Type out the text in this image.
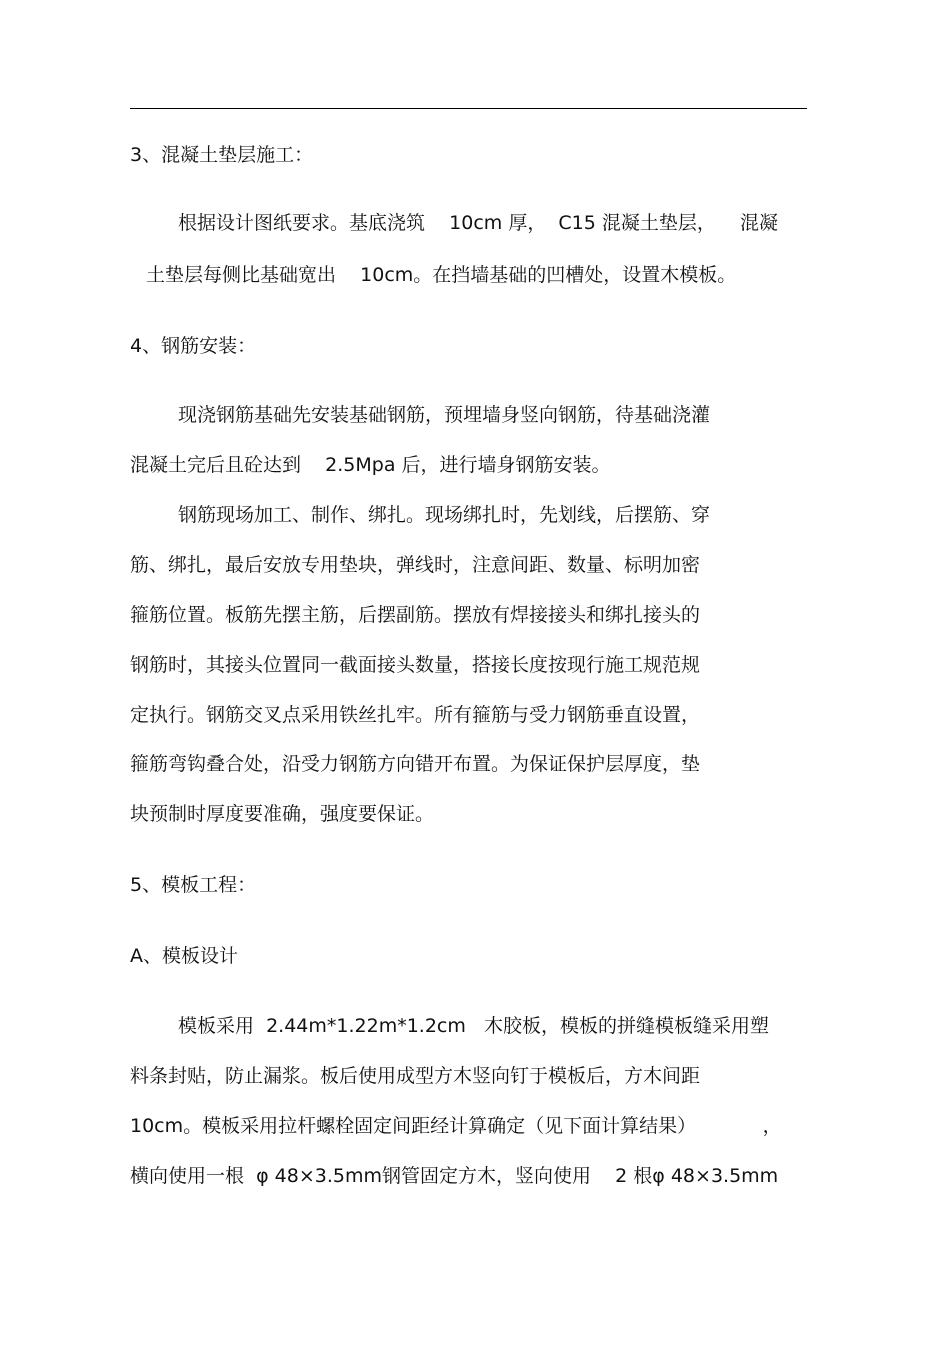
3、混凝土垫层施工：
根据设计图纸要求。基底浇筑    10cm 厚，  C15 混凝土垫层，    混凝
土垫层每侧比基础宽出    10cm。在挡墙基础的凹槽处，设置木模板。
4、钢筋安装：
现浇钢筋基础先安装基础钢筋，预埋墙身竖向钢筋，待基础浇灌
混凝土完后且砼达到    2.5Mpa 后，进行墙身钢筋安装。
钢筋现场加工、制作、绑扎。现场绑扎时，先划线，后摆筋、穿
筋、绑扎，最后安放专用垫块，弹线时，注意间距、数量、标明加密
箍筋位置。板筋先摆主筋，后摆副筋。摆放有焊接接头和绑扎接头的
钢筋时，其接头位置同一截面接头数量，搭接长度按现行施工规范规
定执行。钢筋交叉点采用铁丝扎牢。所有箍筋与受力钢筋垂直设置，
箍筋弯钩叠合处，沿受力钢筋方向错开布置。为保证保护层厚度，垫
块预制时厚度要准确，强度要保证。
5、模板工程：
A、模板设计
模板采用  2.44m*1.22m*1.2cm   木胶板，模板的拼缝模板缝采用塑
料条封贴，防止漏浆。板后使用成型方木竖向钉于模板后，方木间距
10cm。模板采用拉杆螺栓固定间距经计算确定（见下面计算结果）           ，
横向使用一根  φ 48×3.5mm钢管固定方木，竖向使用    2 根φ 48×3.5mm
